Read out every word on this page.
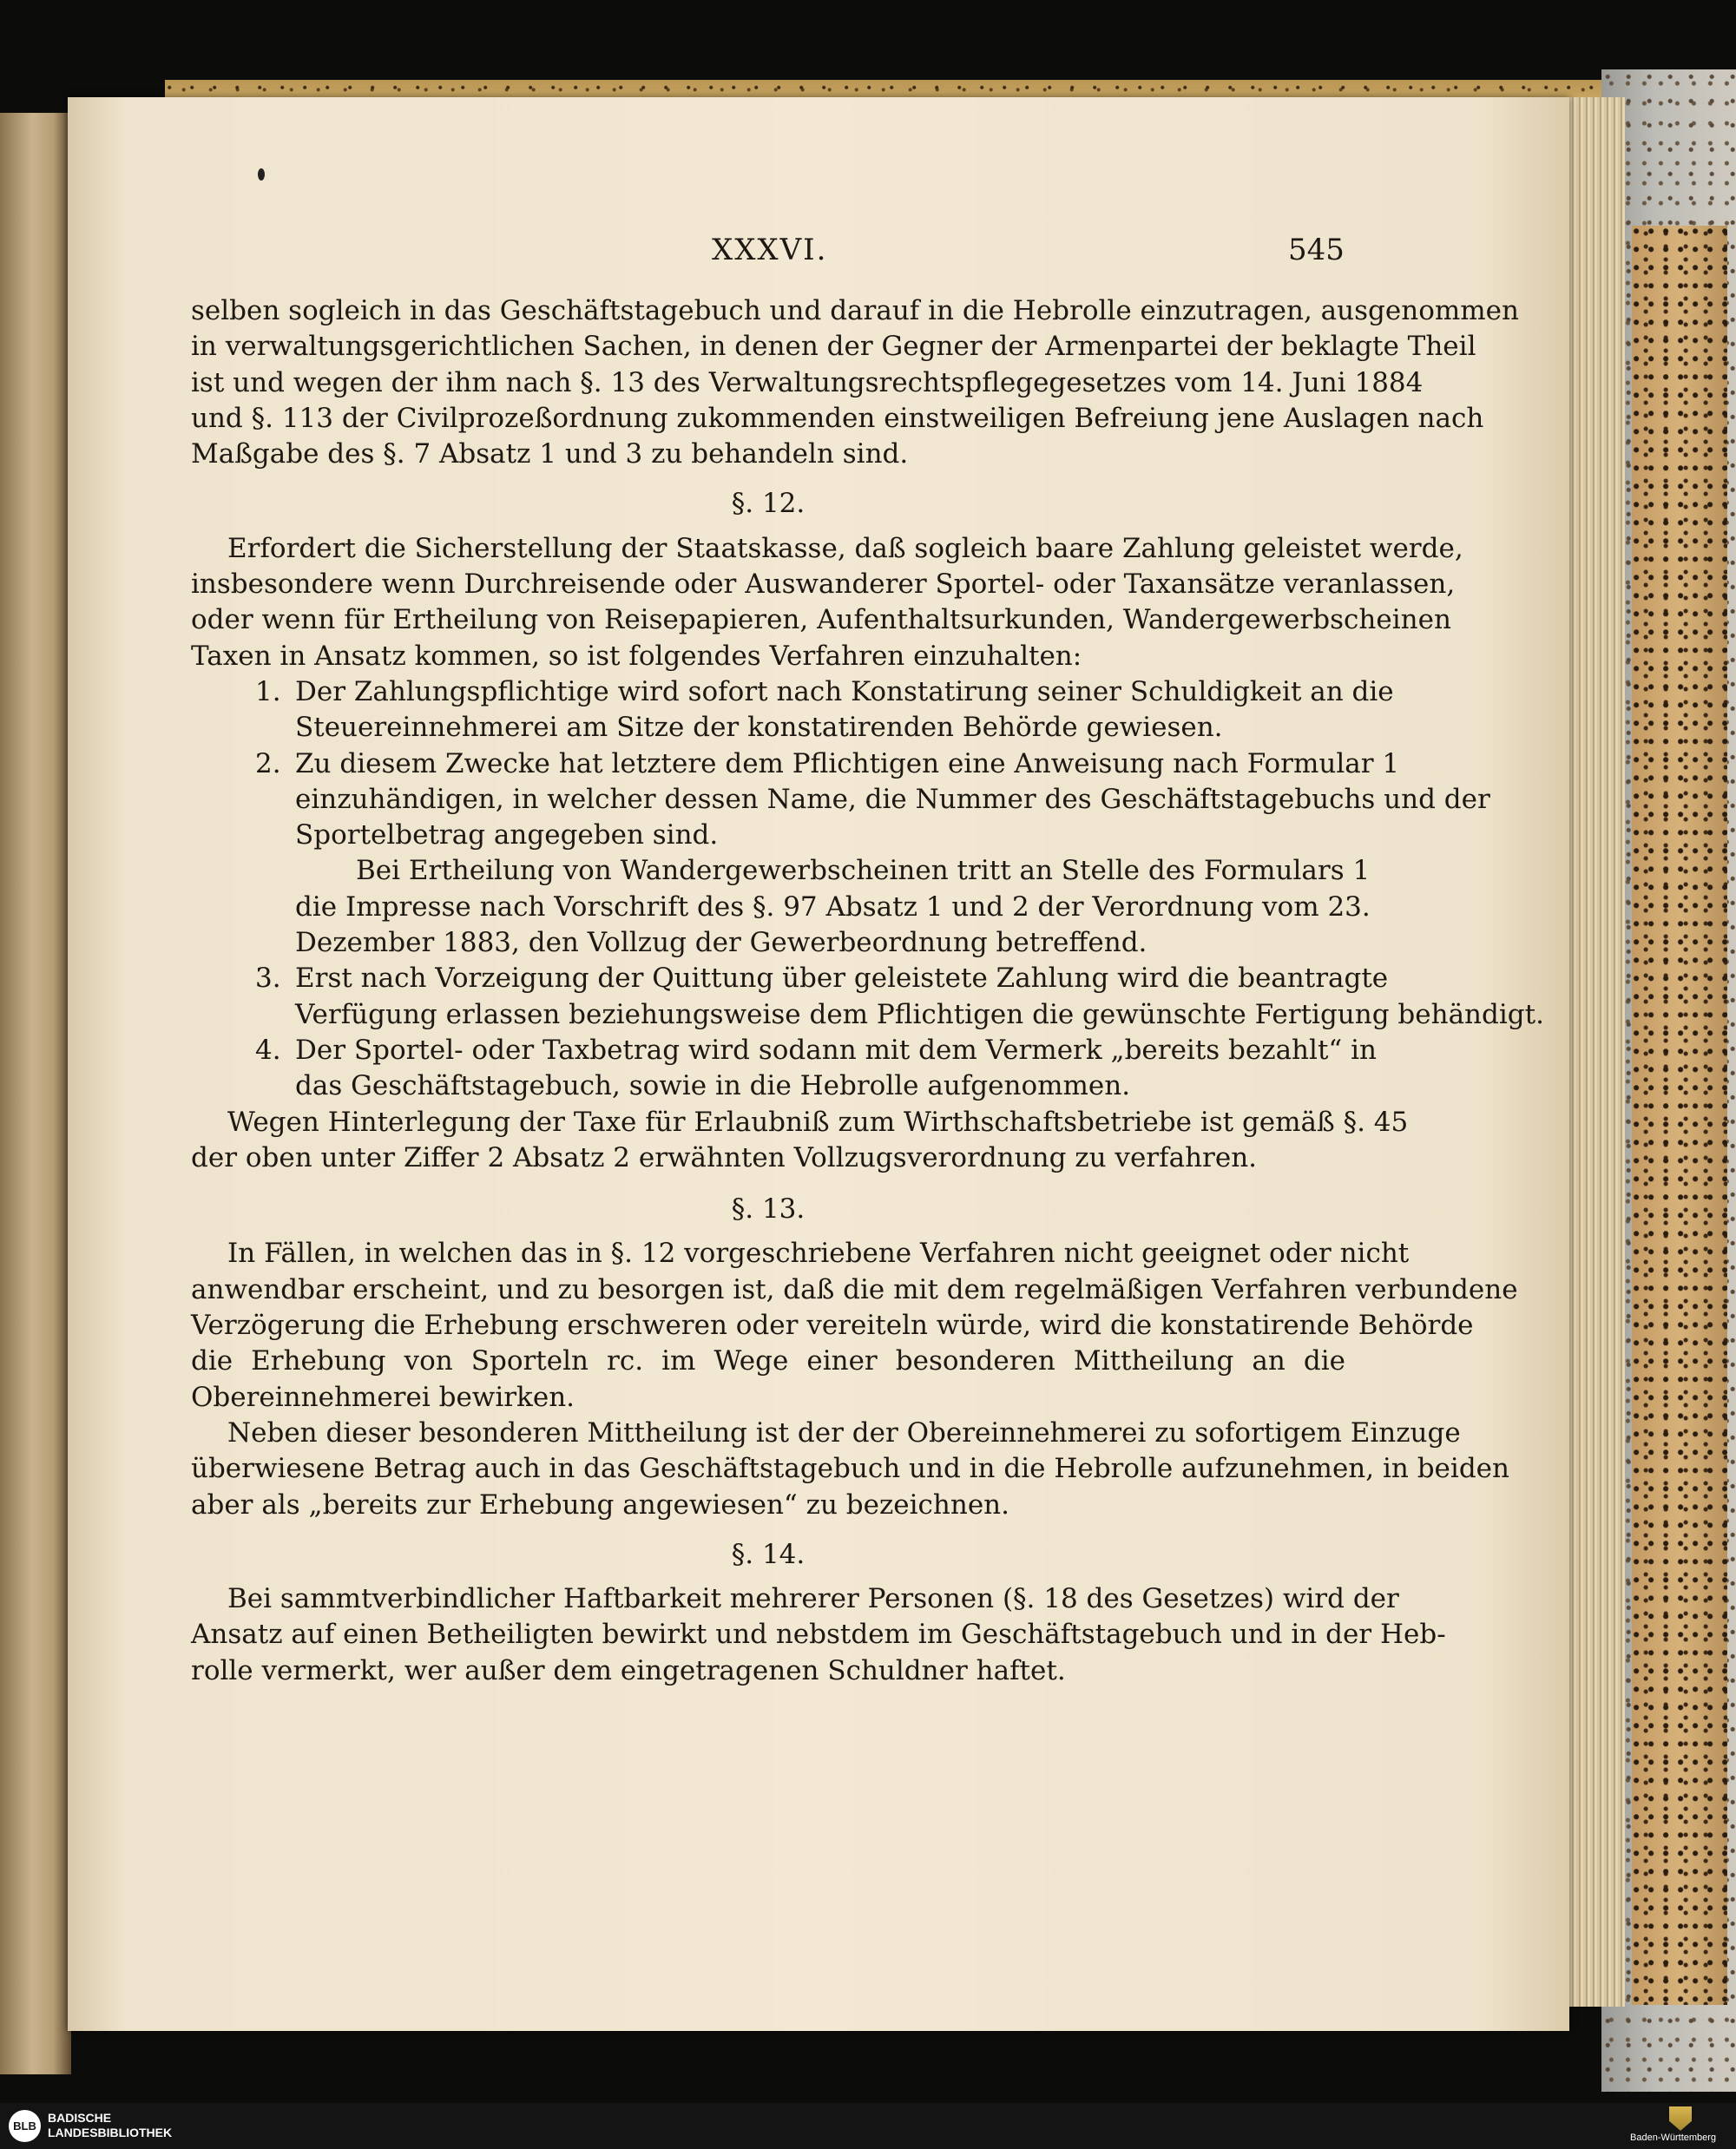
XXXVI.	545
selben sogleich in das Geschäftstagebuch und darauf in die Hebrolle einzutragen, ausgenommen
in verwaltungsgerichtlichen Sachen, in denen der Gegner der Armenpartei der beklagte Theil
ist und wegen der ihm nach §. 13 des Verwaltungsrechtspflegegesetzes vom 14. Juni 1884
und §. 113 der Civilprozeßordnung zukommenden einstweiligen Befreiung jene Auslagen nach
Maßgabe des §. 7 Absatz 1 und 3 zu behandeln sind.
§. 12.
Erfordert die Sicherstellung der Staatskasse, daß sogleich baare Zahlung geleistet werde,
insbesondere wenn Durchreisende oder Auswanderer Sportel- oder Taxansätze veranlassen,
oder wenn für Ertheilung von Reisepapieren, Aufenthaltsurkunden, Wandergewerbscheinen
Taxen in Ansatz kommen, so ist folgendes Verfahren einzuhalten:
1. Der Zahlungspflichtige wird sofort nach Konstatirung seiner Schuldigkeit an die
Steuereinnehmerei am Sitze der konstatirenden Behörde gewiesen.
2. Zu diesem Zwecke hat letztere dem Pflichtigen eine Anweisung nach Formular 1
einzuhändigen, in welcher dessen Name, die Nummer des Geschäftstagebuchs und der
Sportelbetrag angegeben sind.
Bei Ertheilung von Wandergewerbscheinen tritt an Stelle des Formulars 1
die Impresse nach Vorschrift des §. 97 Absatz 1 und 2 der Verordnung vom 23.
Dezember 1883, den Vollzug der Gewerbeordnung betreffend.
3. Erst nach Vorzeigung der Quittung über geleistete Zahlung wird die beantragte
Verfügung erlassen beziehungsweise dem Pflichtigen die gewünschte Fertigung behändigt.
4. Der Sportel- oder Taxbetrag wird sodann mit dem Vermerk „bereits bezahlt“ in
das Geschäftstagebuch, sowie in die Hebrolle aufgenommen.
Wegen Hinterlegung der Taxe für Erlaubniß zum Wirthschaftsbetriebe ist gemäß §. 45
der oben unter Ziffer 2 Absatz 2 erwähnten Vollzugsverordnung zu verfahren.
§. 13.
In Fällen, in welchen das in §. 12 vorgeschriebene Verfahren nicht geeignet oder nicht
anwendbar erscheint, und zu besorgen ist, daß die mit dem regelmäßigen Verfahren verbundene
Verzögerung die Erhebung erschweren oder vereiteln würde, wird die konstatirende Behörde
die Erhebung von Sporteln rc. im Wege einer besonderen Mittheilung an die
Obereinnehmerei bewirken.
Neben dieser besonderen Mittheilung ist der der Obereinnehmerei zu sofortigem Einzuge
überwiesene Betrag auch in das Geschäftstagebuch und in die Hebrolle aufzunehmen, in beiden
aber als „bereits zur Erhebung angewiesen“ zu bezeichnen.
§. 14.
Bei sammtverbindlicher Haftbarkeit mehrerer Personen (§. 18 des Gesetzes) wird der
Ansatz auf einen Betheiligten bewirkt und nebstdem im Geschäftstagebuch und in der Heb-
rolle vermerkt, wer außer dem eingetragenen Schuldner haftet.
BLB
BADISCHE
LANDESBIBLIOTHEK	Baden-Württemberg
